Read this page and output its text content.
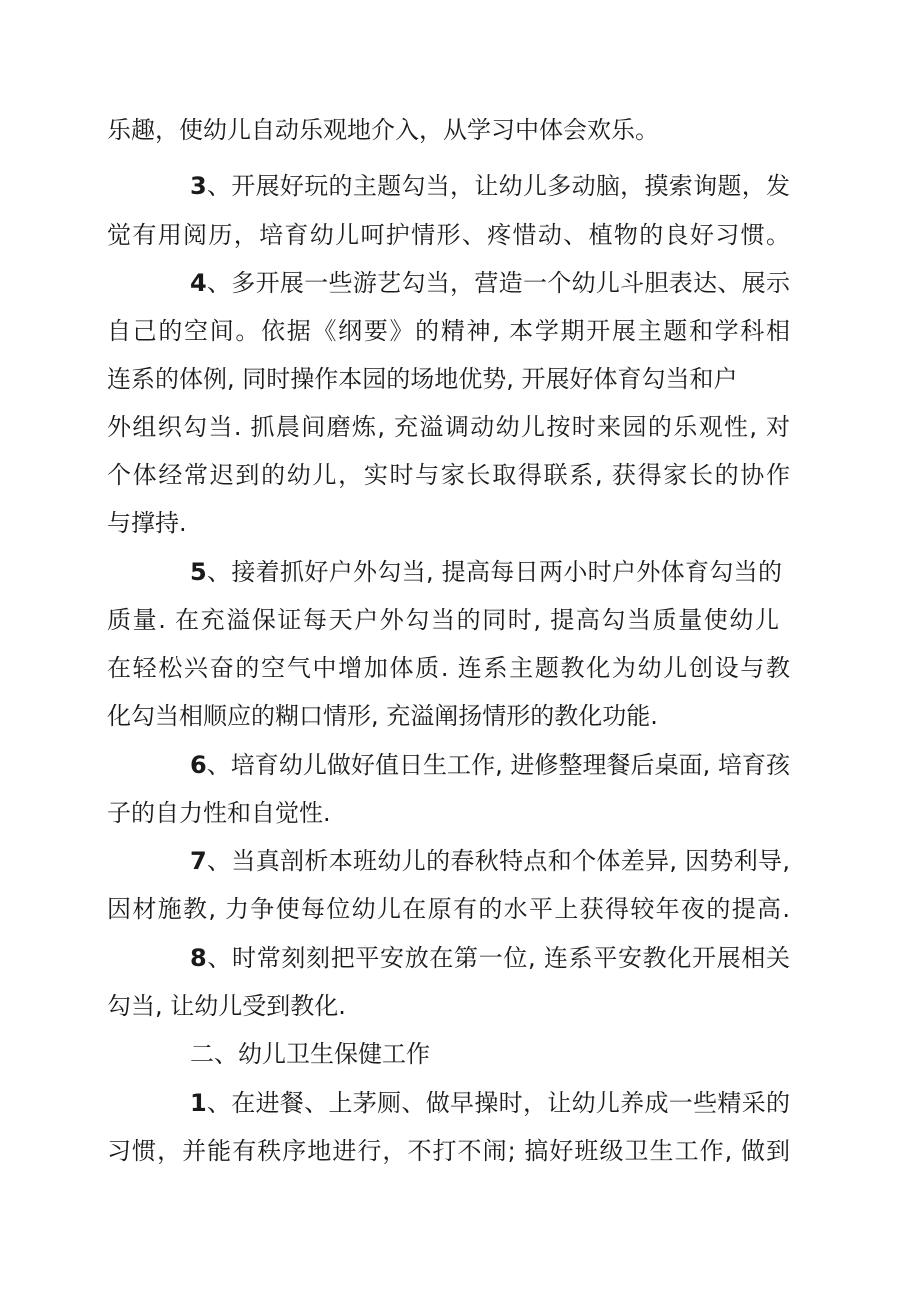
乐趣，使幼儿自动乐观地介入，从学习中体会欢乐。
3、开展好玩的主题勾当，让幼儿多动脑，摸索询题，发
觉有用阅历，培育幼儿呵护情形、疼惜动、植物的良好习惯。
4、多开展一些游艺勾当，营造一个幼儿斗胆表达、展示
自己的空间。依据《纲要》的精神, 本学期开展主题和学科相
连系的体例, 同时操作本园的场地优势, 开展好体育勾当和户
外组织勾当. 抓晨间磨炼, 充溢调动幼儿按时来园的乐观性, 对
个体经常迟到的幼儿，实时与家长取得联系, 获得家长的协作
与撑持.
5、接着抓好户外勾当, 提高每日两小时户外体育勾当的
质量. 在充溢保证每天户外勾当的同时, 提高勾当质量使幼儿
在轻松兴奋的空气中增加体质. 连系主题教化为幼儿创设与教
化勾当相顺应的糊口情形, 充溢阐扬情形的教化功能.
6、培育幼儿做好值日生工作, 进修整理餐后桌面, 培育孩
子的自力性和自觉性.
7、当真剖析本班幼儿的春秋特点和个体差异, 因势利导,
因材施教, 力争使每位幼儿在原有的水平上获得较年夜的提高.
8、时常刻刻把平安放在第一位, 连系平安教化开展相关
勾当, 让幼儿受到教化.
二、幼儿卫生保健工作
1、在进餐、上茅厕、做早操时，让幼儿养成一些精采的
习惯，并能有秩序地进行，不打不闹; 搞好班级卫生工作, 做到
